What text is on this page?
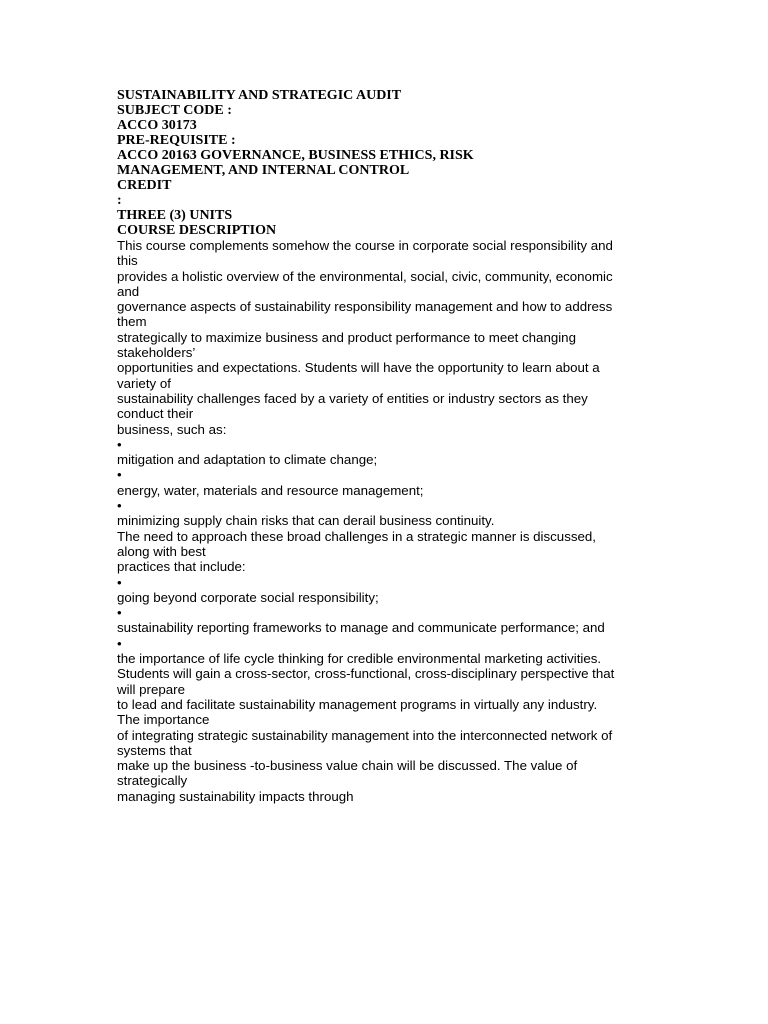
SUSTAINABILITY AND STRATEGIC AUDIT

SUBJECT CODE :

ACCO 30173

PRE-REQUISITE :

ACCO 20163 GOVERNANCE, BUSINESS ETHICS, RISK

MANAGEMENT, AND INTERNAL CONTROL

CREDIT

:

THREE (3) UNITS

COURSE DESCRIPTION

This course complements somehow the course in corporate social responsibility and

this

provides a holistic overview of the environmental, social, civic, community, economic

and

governance aspects of sustainability responsibility management and how to address

them

strategically to maximize business and product performance to meet changing

stakeholders’

opportunities and expectations. Students will have the opportunity to learn about a

variety of

sustainability challenges faced by a variety of entities or industry sectors as they

conduct their

business, such as:

•

mitigation and adaptation to climate change;

•

energy, water, materials and resource management;

•

minimizing supply chain risks that can derail business continuity.

The need to approach these broad challenges in a strategic manner is discussed,

along with best

practices that include:

•

going beyond corporate social responsibility;

•

sustainability reporting frameworks to manage and communicate performance; and

•

the importance of life cycle thinking for credible environmental marketing activities.

Students will gain a cross-sector, cross-functional, cross-disciplinary perspective that

will prepare

to lead and facilitate sustainability management programs in virtually any industry.

The importance

of integrating strategic sustainability management into the interconnected network of

systems that

make up the business -to-business value chain will be discussed. The value of

strategically

managing sustainability impacts through
